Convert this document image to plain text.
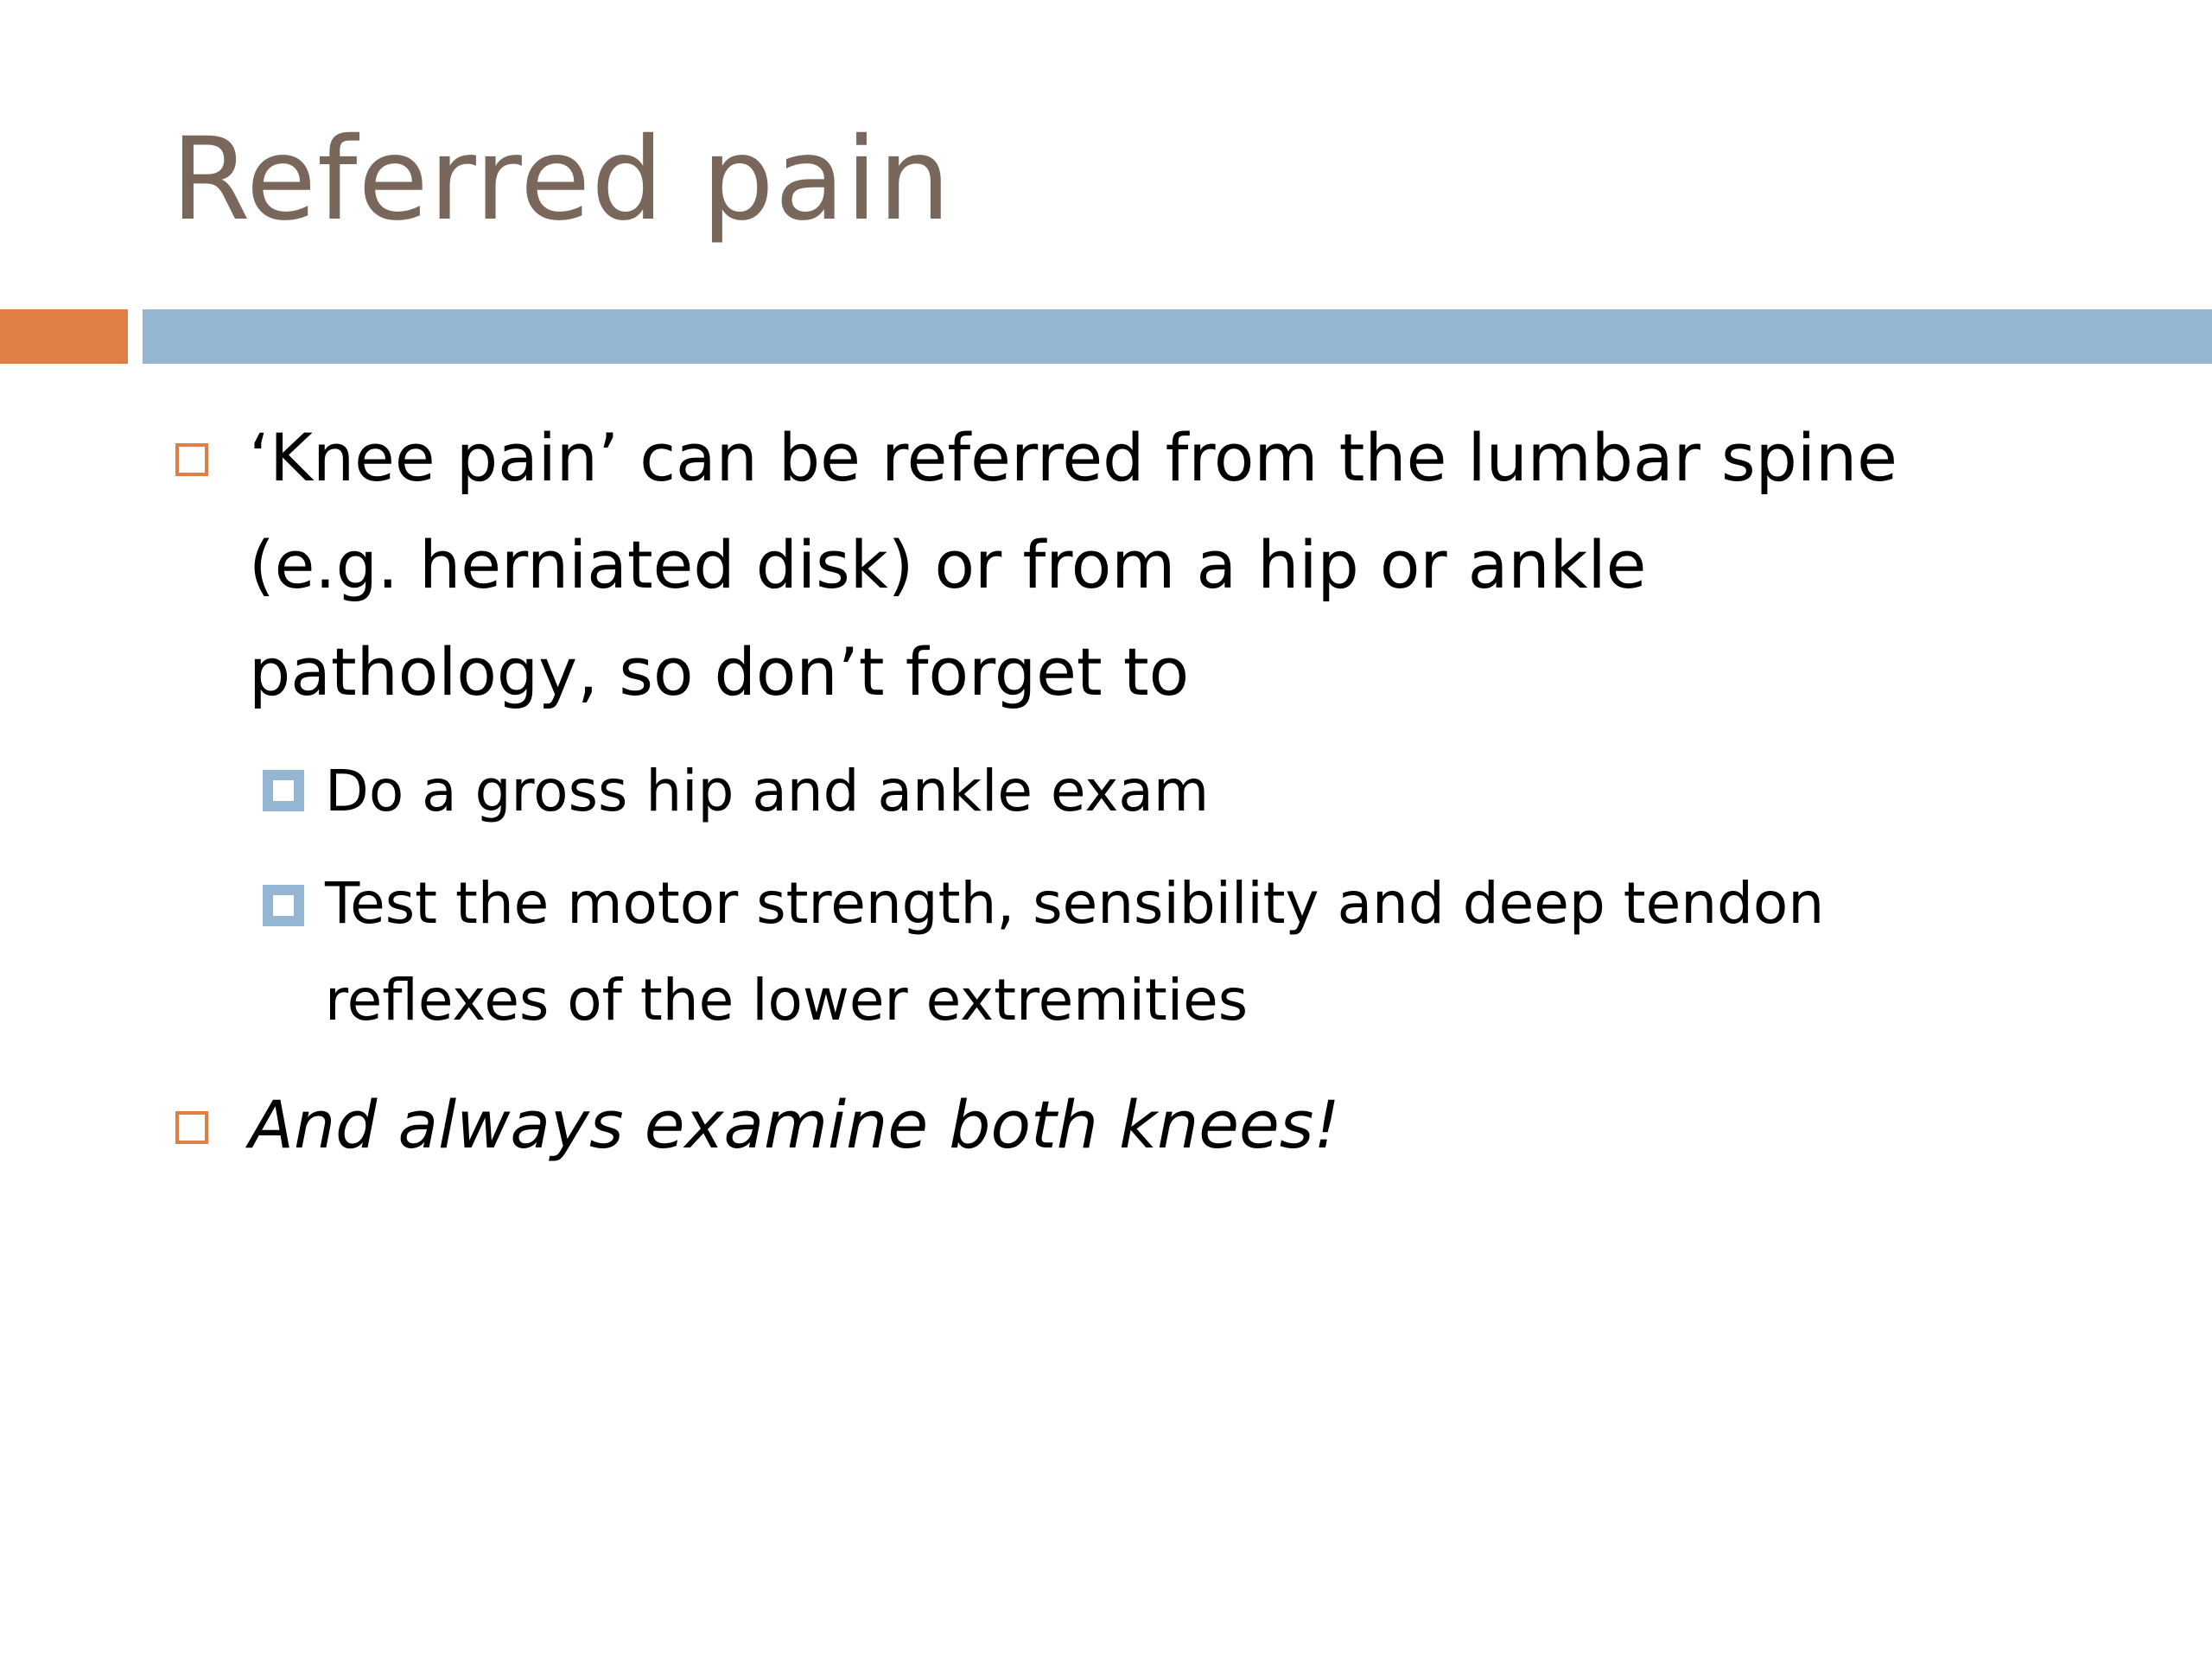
Referred pain
‘Knee pain’ can be referred from the lumbar spine
(e.g. herniated disk) or from a hip or ankle
pathology, so don’t forget to
Do a gross hip and ankle exam
Test the motor strength, sensibility and deep tendon
reflexes of the lower extremities
And always examine both knees!
